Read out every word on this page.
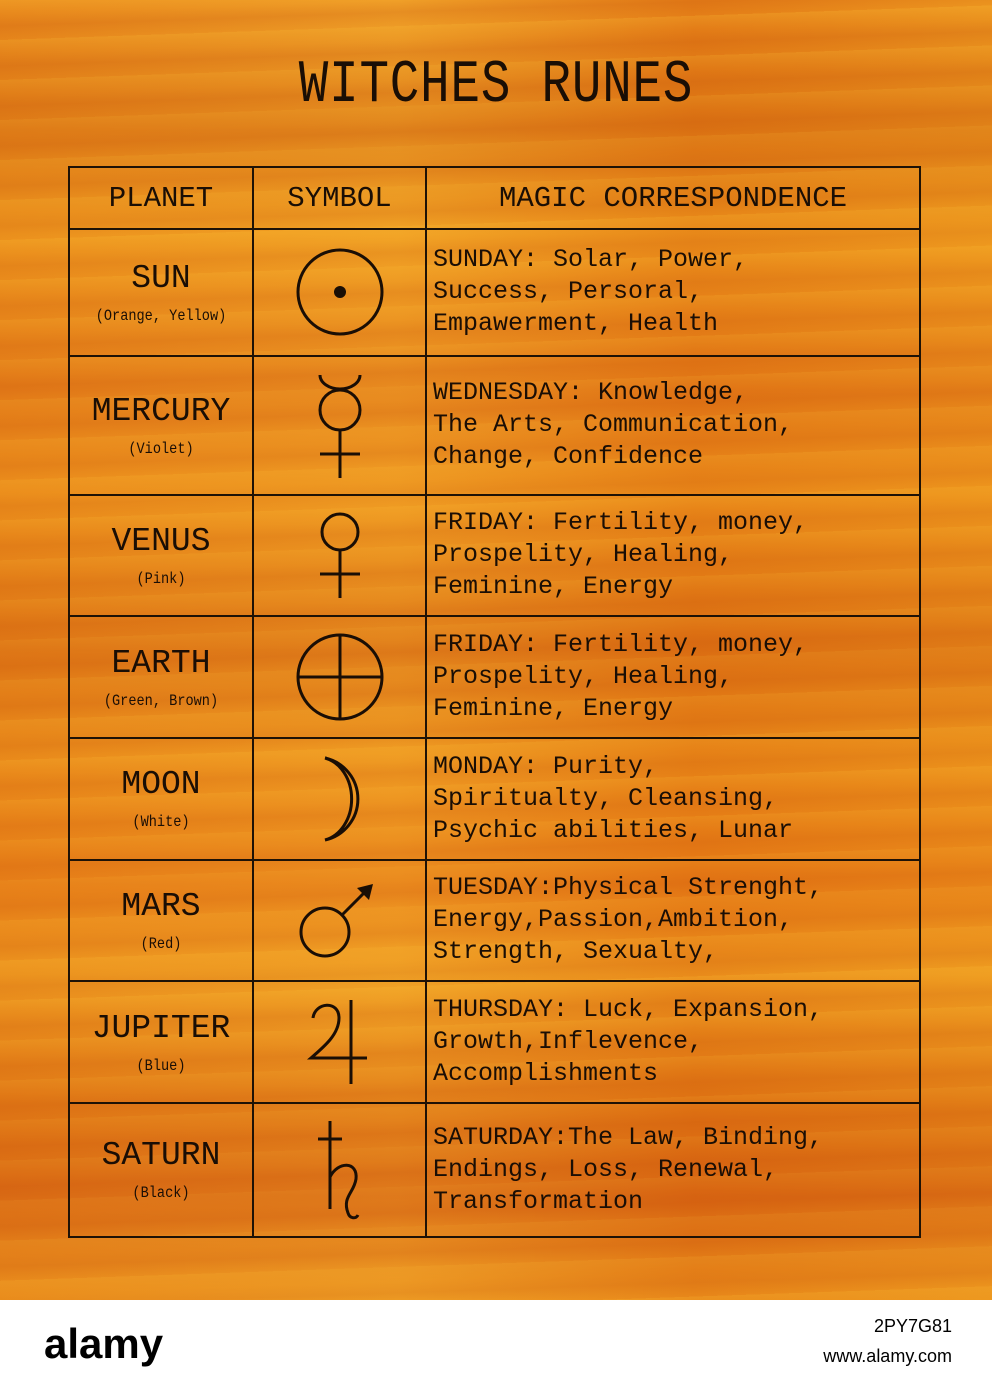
WITCHES RUNES
PLANET	SYMBOL	MAGIC CORRESPONDENCE

SUN
(Orange, Yellow)		SUNDAY: Solar, Power,
Success, Persoral,
Empawerment, Health

MERCURY
(Violet)		WEDNESDAY: Knowledge,
The Arts, Communication,
Change, Confidence

VENUS
(Pink)		FRIDAY: Fertility, money,
Prospelity, Healing,
Feminine, Energy

EARTH
(Green, Brown)		FRIDAY: Fertility, money,
Prospelity, Healing,
Feminine, Energy

MOON
(White)		MONDAY: Purity,
Spiritualty, Cleansing,
Psychic abilities, Lunar

MARS
(Red)		TUESDAY:Physical Strenght,
Energy,Passion,Ambition,
Strength, Sexualty,

JUPITER
(Blue)		THURSDAY: Luck, Expansion,
Growth,Inflevence,
Accomplishments

SATURN
(Black)		SATURDAY:The Law, Binding,
Endings, Loss, Renewal,
Transformation
alamy	2PY7G81
www.alamy.com
